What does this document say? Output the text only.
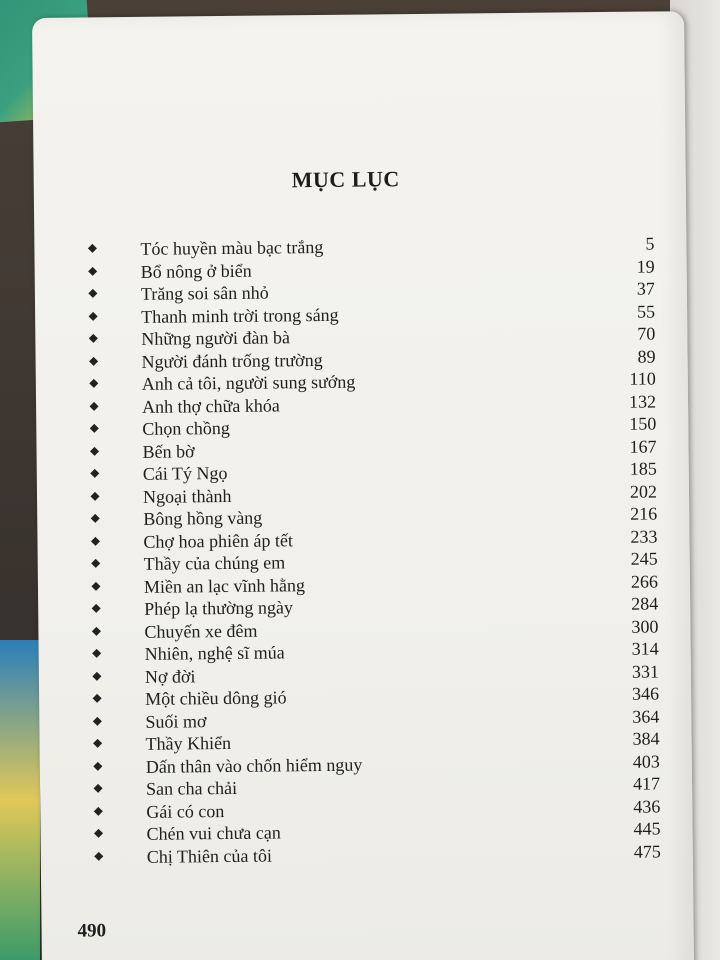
MỤC LỤC
Tóc huyền màu bạc trắng	5
Bổ nông ở biển	19
Trăng soi sân nhỏ	37
Thanh minh trời trong sáng	55
Những người đàn bà	70
Người đánh trống trường	89
Anh cả tôi, người sung sướng	110
Anh thợ chữa khóa	132
Chọn chồng	150
Bến bờ	167
Cái Tý Ngọ	185
Ngoại thành	202
Bông hồng vàng	216
Chợ hoa phiên áp tết	233
Thầy của chúng em	245
Miền an lạc vĩnh hằng	266
Phép lạ thường ngày	284
Chuyến xe đêm	300
Nhiên, nghệ sĩ múa	314
Nợ đời	331
Một chiều dông gió	346
Suối mơ	364
Thầy Khiển	384
Dấn thân vào chốn hiểm nguy	403
San cha chải	417
Gái có con	436
Chén vui chưa cạn	445
Chị Thiên của tôi	475
490
